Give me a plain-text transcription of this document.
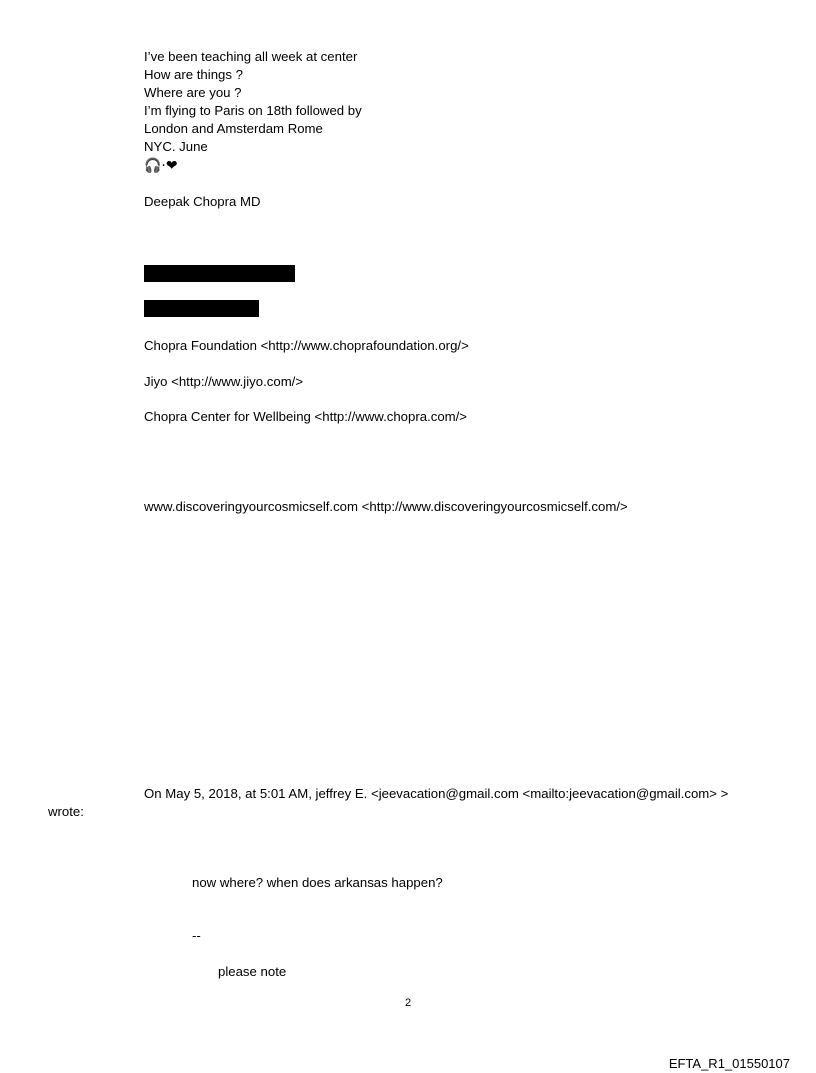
I’ve been teaching all week at center

How are things ?

Where are you ?

I’m flying to Paris on 18th followed by

London and Amsterdam Rome

NYC. June

🎧·❤

Deepak Chopra MD

Chopra Foundation <http://www.choprafoundation.org/>

Jiyo <http://www.jiyo.com/>

Chopra Center for Wellbeing <http://www.chopra.com/>

www.discoveringyourcosmicself.com <http://www.discoveringyourcosmicself.com/>

On May 5, 2018, at 5:01 AM, jeffrey E. <jeevacation@gmail.com <mailto:jeevacation@gmail.com> >

wrote:

now where? when does arkansas happen?

--

please note

2
EFTA_R1_01550107
